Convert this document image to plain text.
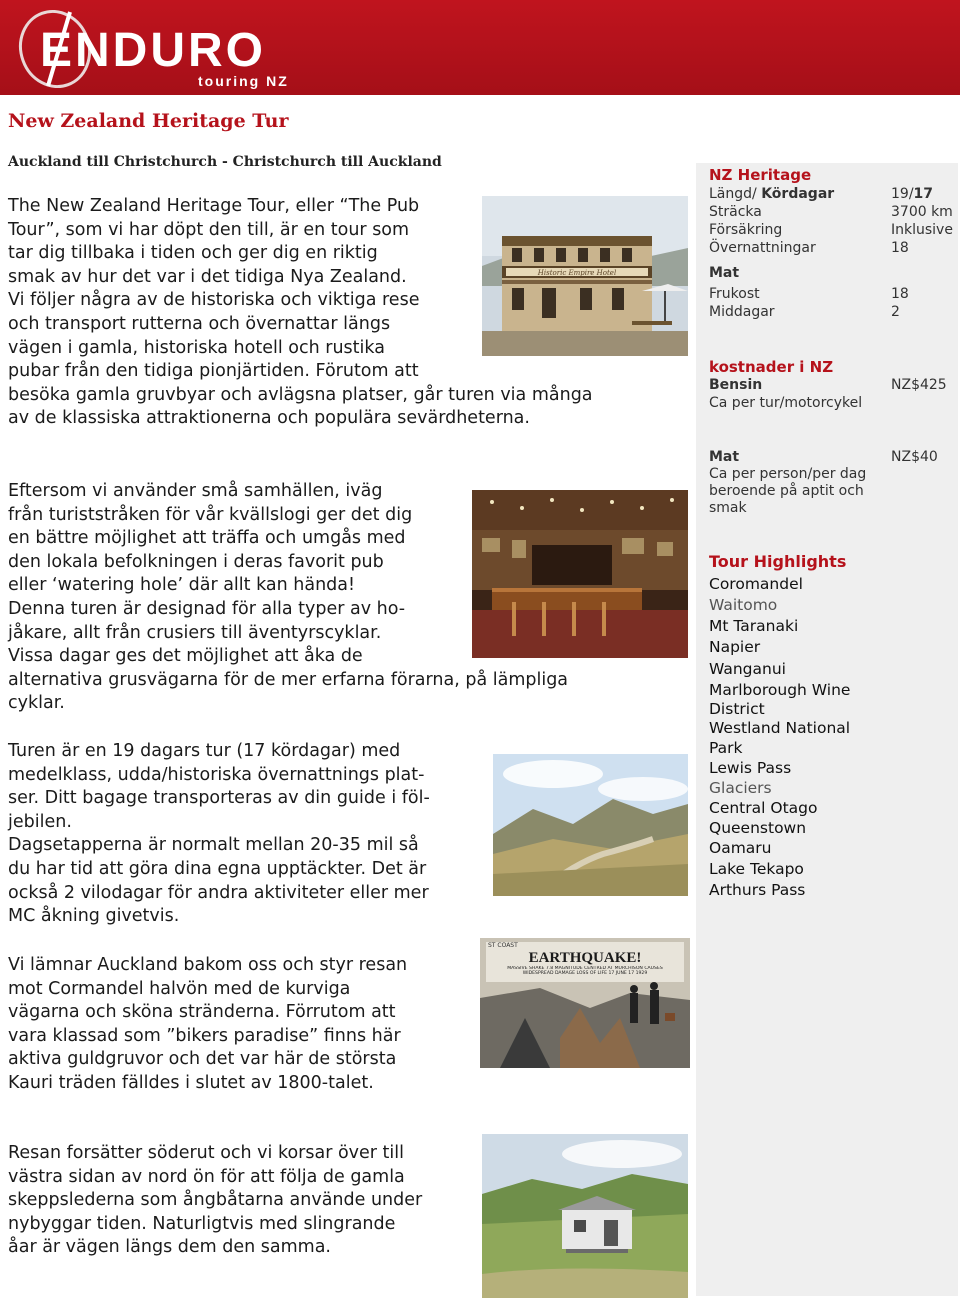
ENDURO
touring NZ
New Zealand Heritage Tur
Auckland till Christchurch - Christchurch till Auckland
The New Zealand Heritage Tour, eller “The Pub
Tour”, som vi har döpt den till, är en tour som
tar dig tillbaka i tiden och ger dig en riktig
smak av hur det var i det tidiga Nya Zealand.
Vi följer några av de historiska och viktiga rese
och transport rutterna och övernattar längs
vägen i gamla, historiska hotell och rustika
pubar från den tidiga pionjärtiden. Förutom att
besöka gamla gruvbyar och avlägsna platser, går turen via många
av de klassiska attraktionerna och populära sevärdheterna.
Historic Empire Hotel
Eftersom vi använder små samhällen, iväg
från turiststråken för vår kvällslogi ger det dig
en bättre möjlighet att träffa och umgås med
den lokala befolkningen i deras favorit pub
eller ‘watering hole’ där allt kan hända!
Denna turen är designad för alla typer av ho-
jåkare, allt från crusiers till äventyrscyklar.
Vissa dagar ges det möjlighet att åka de
alternativa grusvägarna för de mer erfarna förarna, på lämpliga
cyklar.
Turen är en 19 dagars tur (17 kördagar) med
medelklass, udda/historiska övernattnings plat-
ser. Ditt bagage transporteras av din guide i föl-
jebilen.
Dagsetapperna är normalt mellan 20-35 mil så
du har tid att göra dina egna upptäckter. Det är
också 2 vilodagar för andra aktiviteter eller mer
MC åkning givetvis.
Vi lämnar Auckland bakom oss och styr resan
mot Cormandel halvön med de kurviga
vägarna och sköna stränderna. Förrutom att
vara klassad som ”bikers paradise” finns här
aktiva guldgruvor och det var här de största
Kauri träden fälldes i slutet av 1800-talet.
ST COAST
EARTHQUAKE!
MASSIVE SHAKE 7.8 MAGNITUDE CENTRED AT MURCHISON CAUSES WIDESPREAD DAMAGE LOSS OF LIFE 17 JUNE 17 1929
Resan forsätter söderut och vi korsar över till
västra sidan av nord ön för att följa de gamla
skeppslederna som ångbåtarna använde under
nybyggar tiden. Naturligtvis med slingrande
åar är vägen längs dem den samma.
NZ Heritage
Längd/ Kördagar	19/17
Sträcka	3700 km
Försäkring	Inklusive
Övernattningar	18
Mat
Frukost	18
Middagar	2
kostnader i NZ
Bensin	NZ$425
Ca per tur/motorcykel
Mat	NZ$40
Ca per person/per dag
beroende på aptit och
smak
Tour Highlights
Coromandel
Waitomo
Mt Taranaki
Napier
Wanganui
Marlborough Wine
District
Westland National
Park
Lewis Pass
Glaciers
Central Otago
Queenstown
Oamaru
Lake Tekapo
Arthurs Pass
